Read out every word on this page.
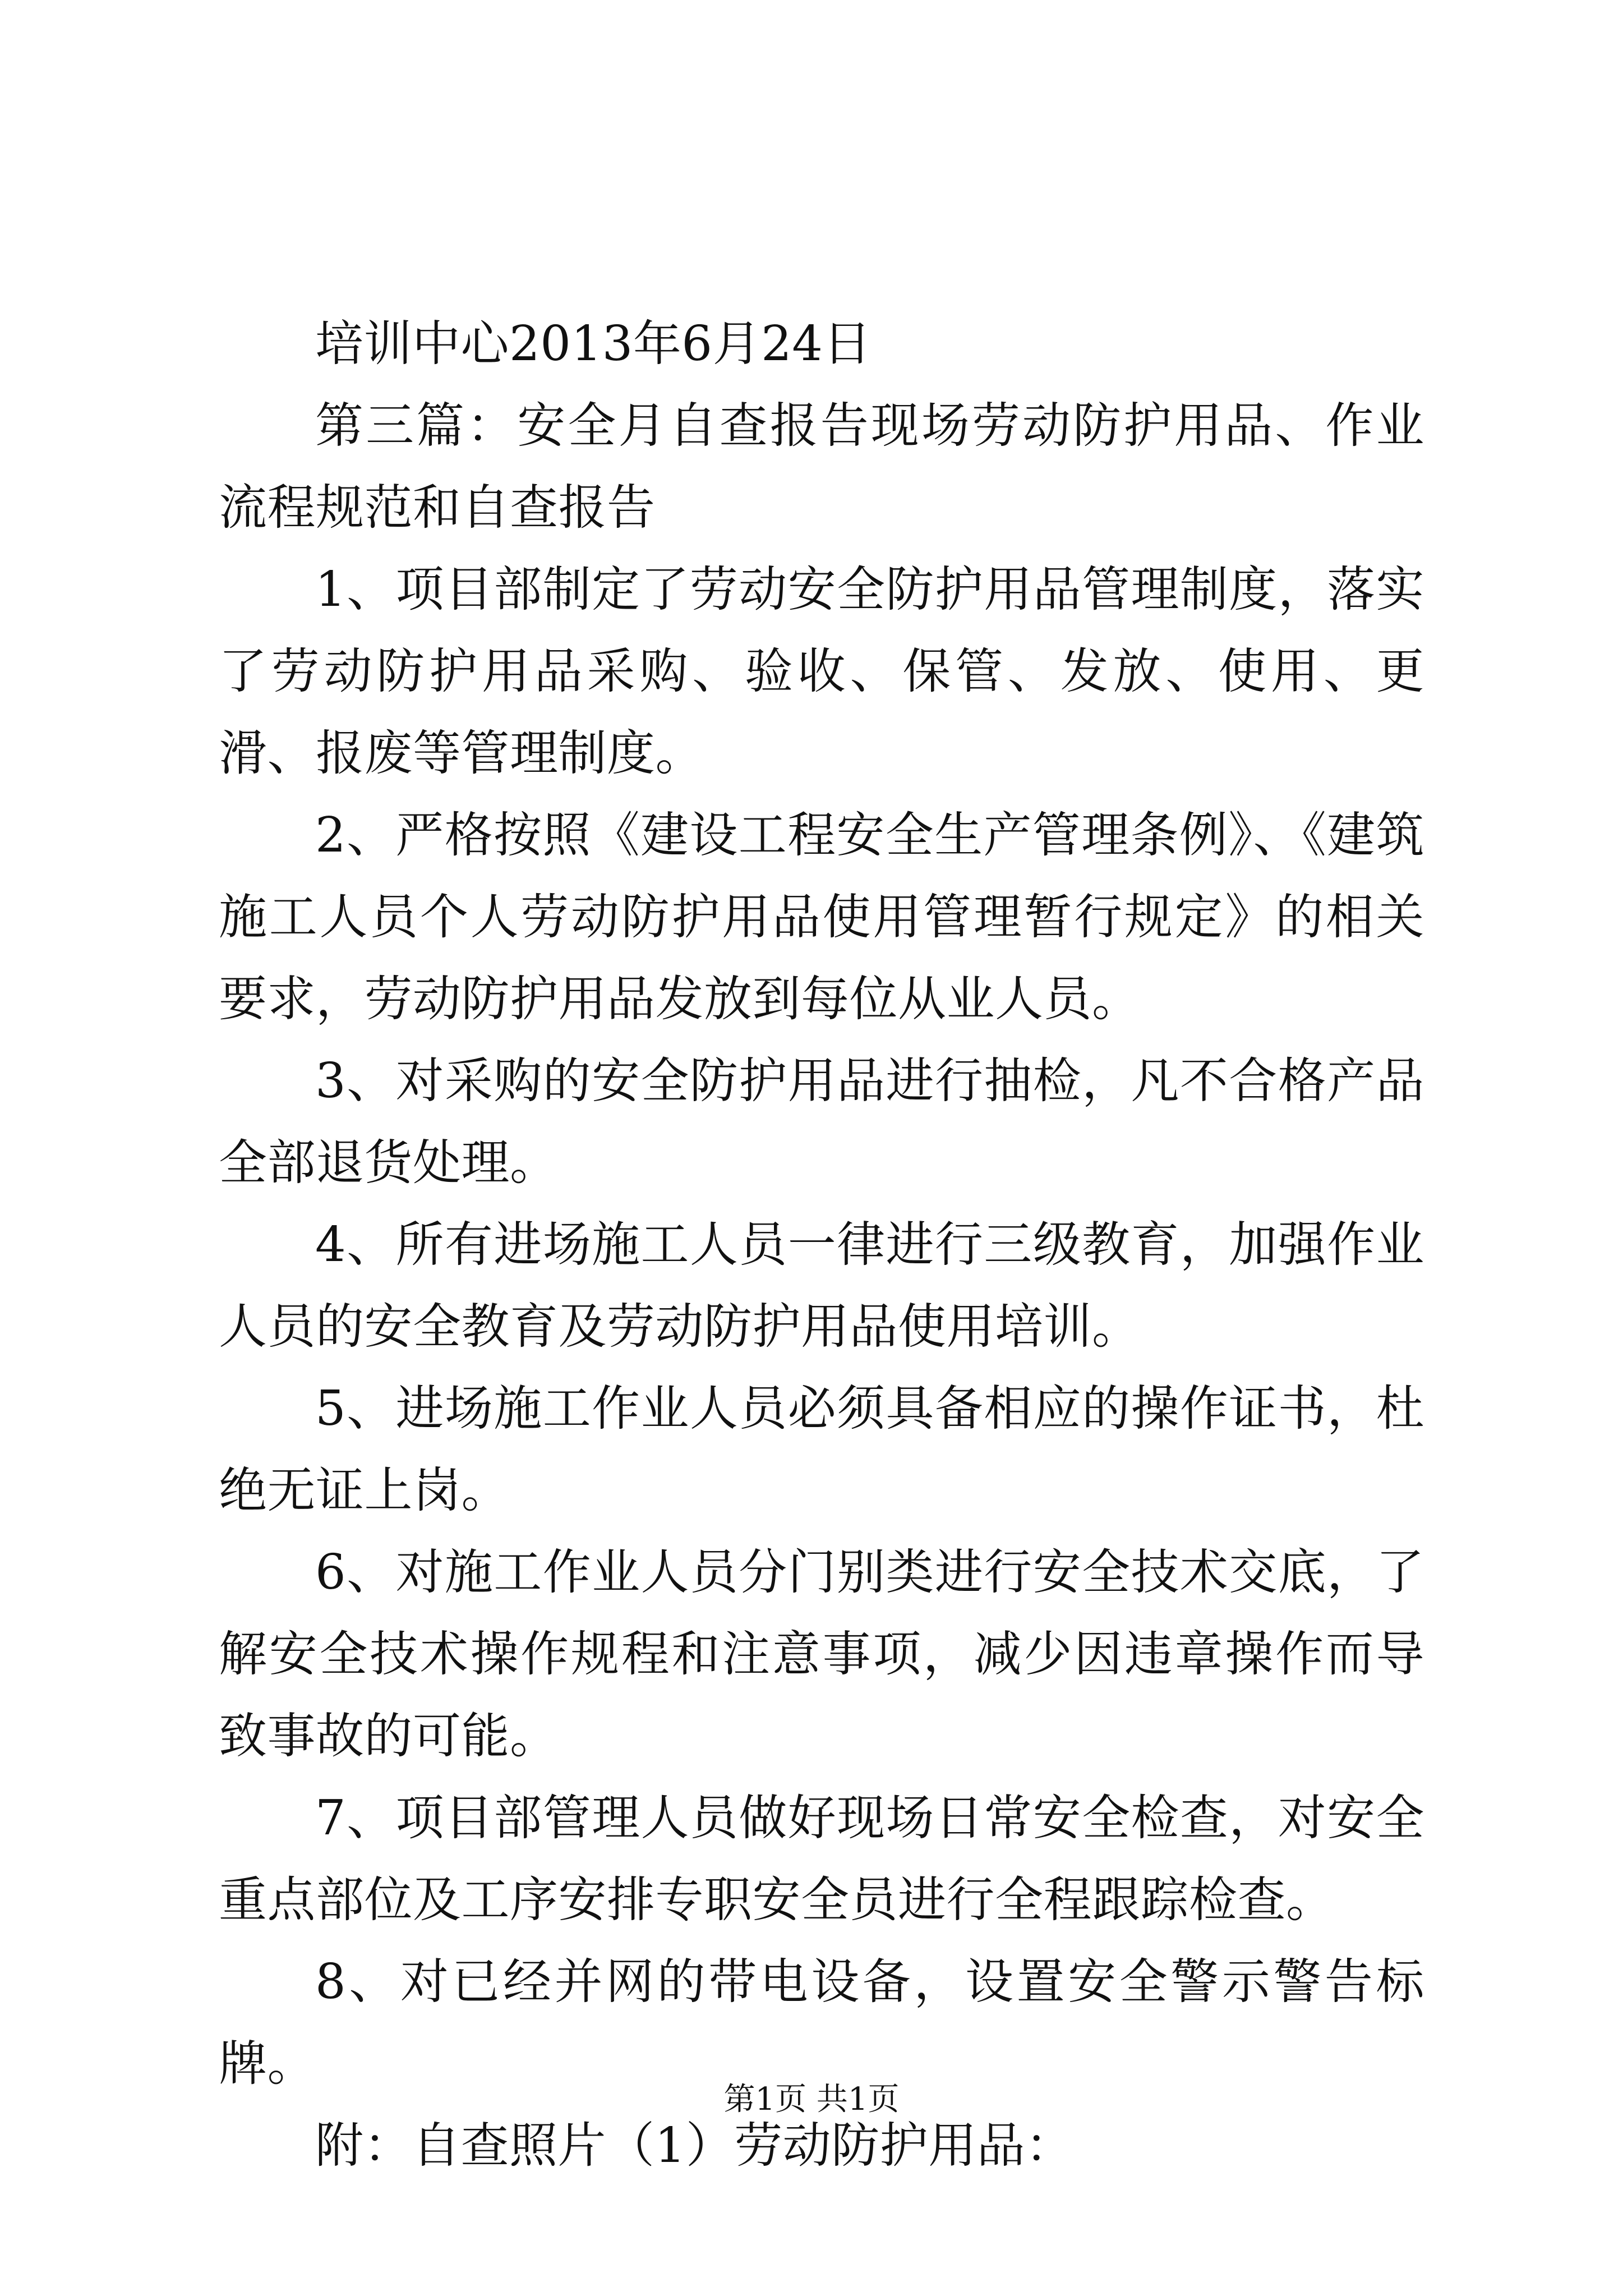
培训中心2013年6月24日

第三篇：安全月自查报告现场劳动防护用品、作业流程规范和自查报告

1、项目部制定了劳动安全防护用品管理制度，落实了劳动防护用品采购、验收、保管、发放、使用、更滑、报废等管理制度。

2、严格按照《建设工程安全生产管理条例》、《建筑施工人员个人劳动防护用品使用管理暂行规定》的相关要求，劳动防护用品发放到每位从业人员。

3、对采购的安全防护用品进行抽检，凡不合格产品全部退货处理。

4、所有进场施工人员一律进行三级教育，加强作业人员的安全教育及劳动防护用品使用培训。

5、进场施工作业人员必须具备相应的操作证书，杜绝无证上岗。

6、对施工作业人员分门别类进行安全技术交底，了解安全技术操作规程和注意事项，减少因违章操作而导致事故的可能。

7、项目部管理人员做好现场日常安全检查，对安全重点部位及工序安排专职安全员进行全程跟踪检查。

8、对已经并网的带电设备，设置安全警示警告标牌。

附：自查照片（1）劳动防护用品：

第1页 共1页
